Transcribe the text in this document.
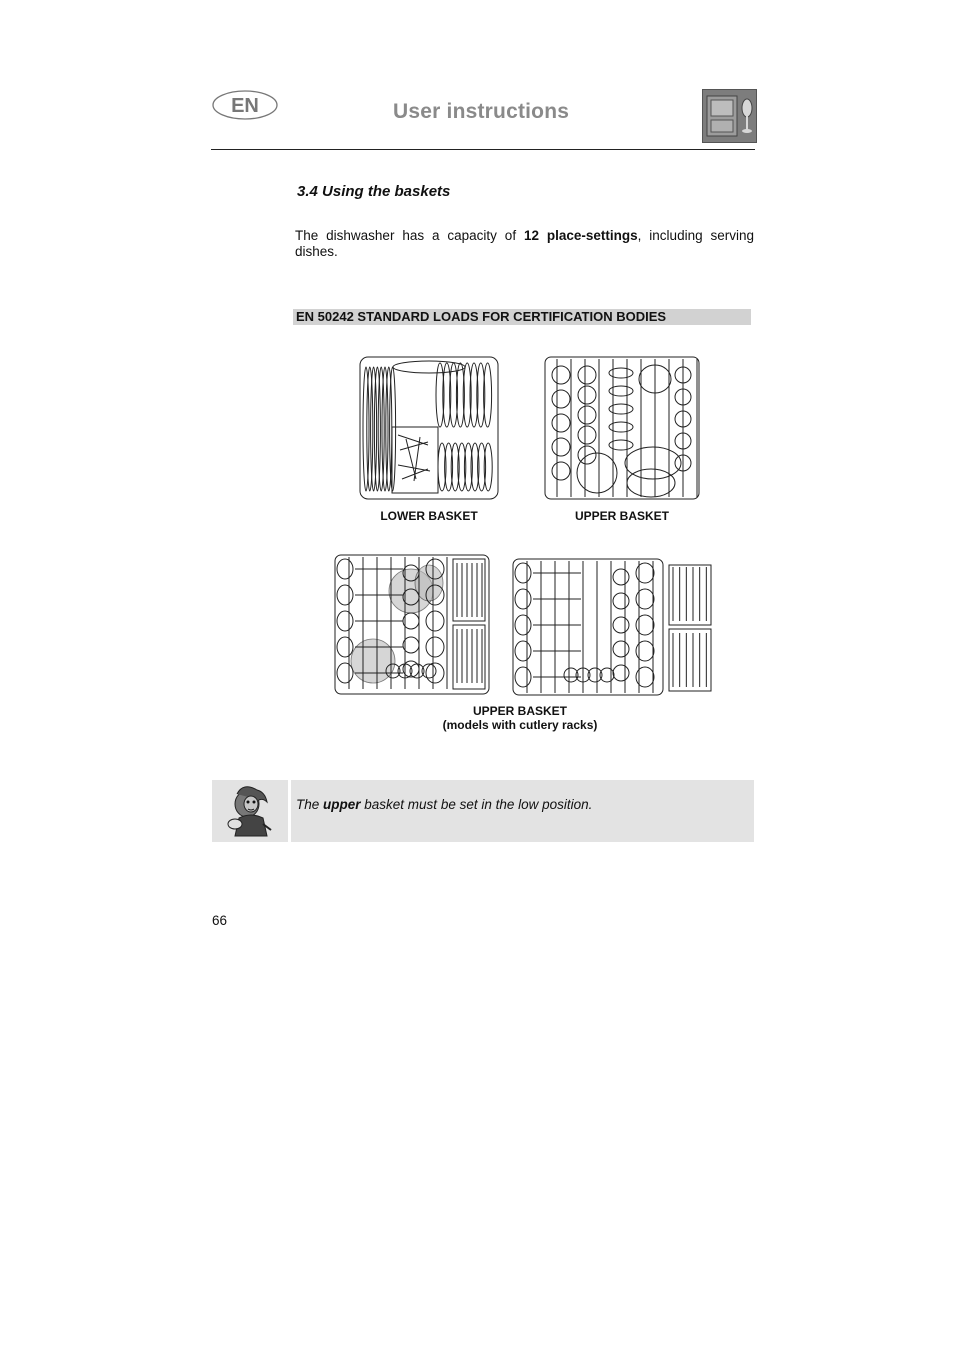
EN	User instructions
3.4 Using the baskets
The dishwasher has a capacity of 12 place-settings, including serving dishes.
EN 50242 STANDARD LOADS FOR CERTIFICATION BODIES
LOWER BASKET	UPPER BASKET
UPPER BASKET
(models with cutlery racks)
The upper basket must be set in the low position.
66
